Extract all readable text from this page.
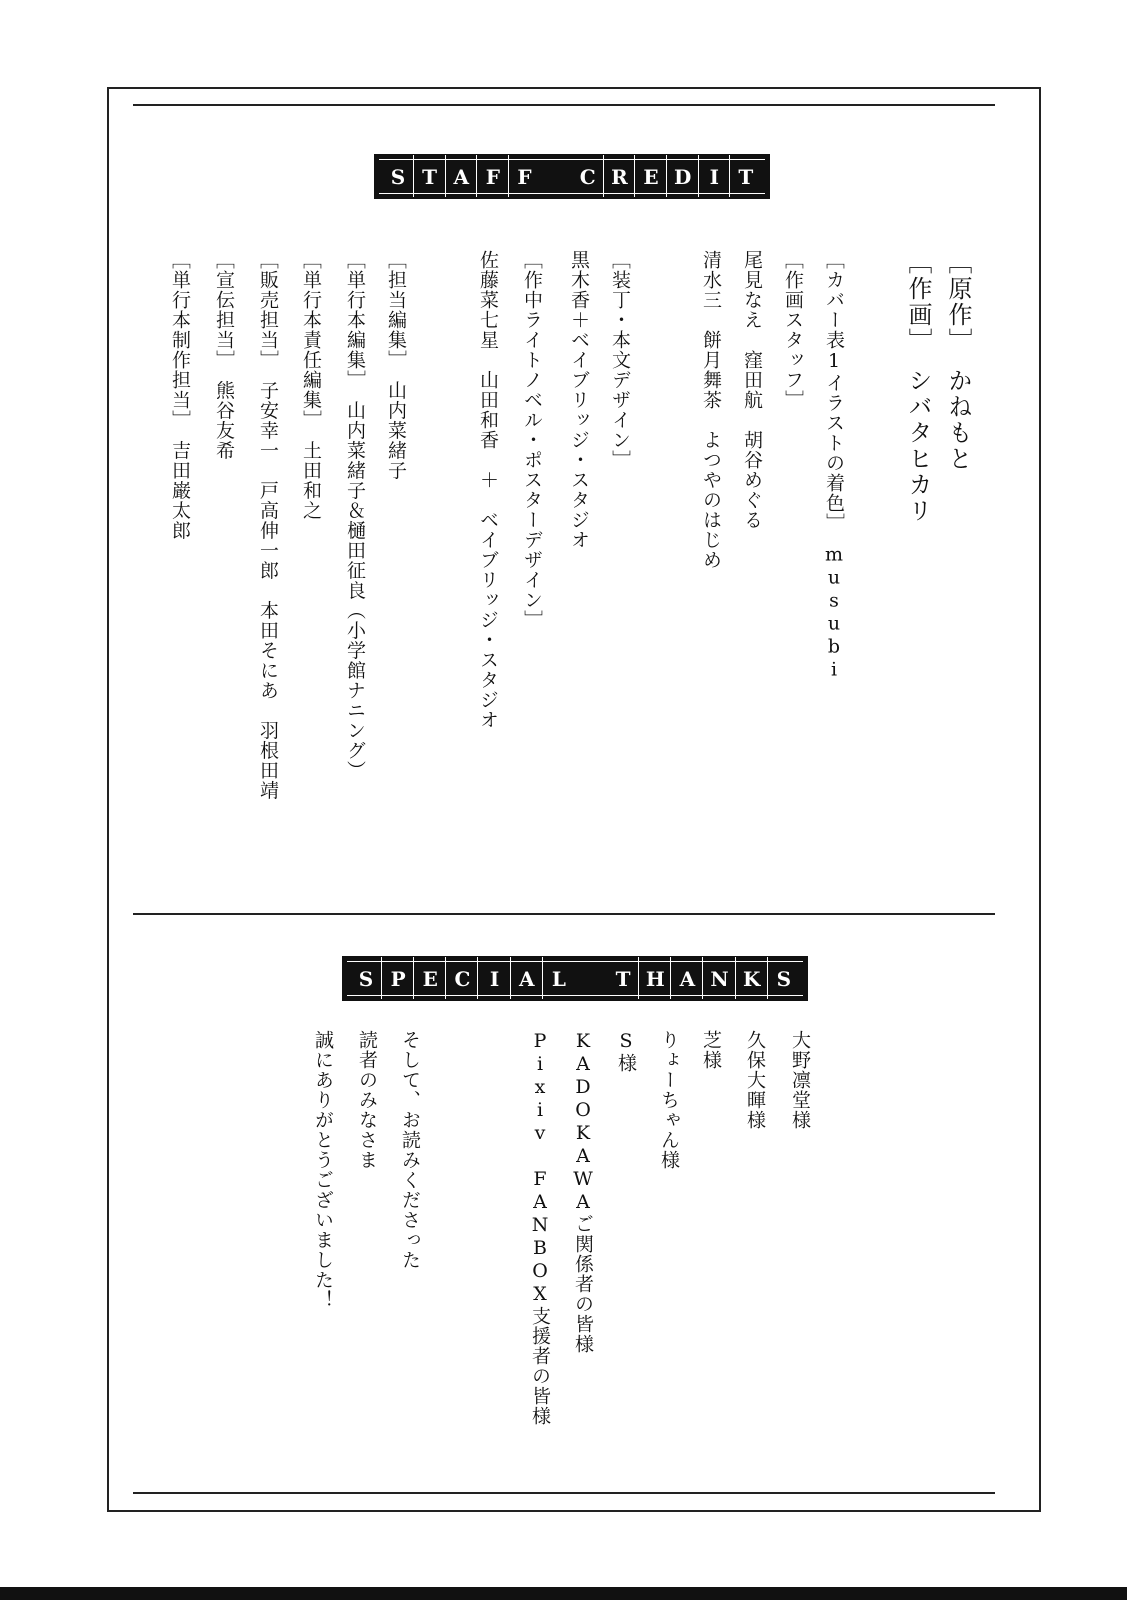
S T A F F C R E D I T
S P E C I A L T H A N K S
［原作］　かねもと
［作画］　シバタヒカリ
［カバー表1イラストの着色］　musubi
［作画スタッフ］
尾見なえ　窪田航　胡谷めぐる
清水三　餅月舞茶　よつやのはじめ
［装丁・本文デザイン］
黒木香＋ベイブリッジ・スタジオ
［作中ライトノベル・ポスターデザイン］
佐藤菜七星　山田和香　＋　ベイブリッジ・スタジオ
［担当編集］　山内菜緒子
［単行本編集］　山内菜緒子＆樋田征良（小学館ナニング）
［単行本責任編集］　土田和之
［販売担当］　子安幸一　戸高伸一郎　本田そにあ　羽根田靖
［宣伝担当］　熊谷友希
［単行本制作担当］　吉田巌太郎
大野凛堂様
久保大暉様
芝様
りょーちゃん様
S様
KADOKAWAご関係者の皆様
Pixiv FANBOX支援者の皆様
そして、お読みくださった
読者のみなさま
誠にありがとうございました！
